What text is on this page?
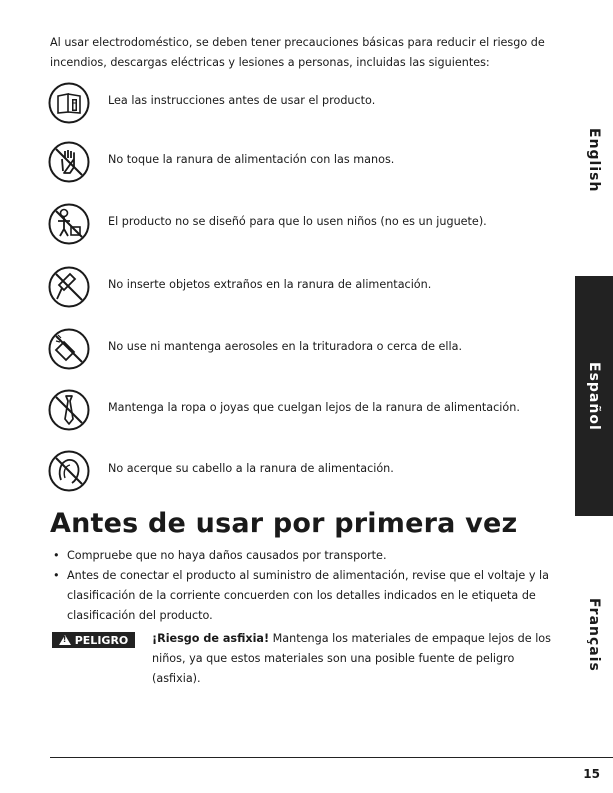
Al usar electrodoméstico, se deben tener precauciones básicas para reducir el riesgo de incendios, descargas eléctricas y lesiones a personas, incluidas las siguientes:

Lea las instrucciones antes de usar el producto.
No toque la ranura de alimentación con las manos.
El producto no se diseñó para que lo usen niños (no es un juguete).
No inserte objetos extraños en la ranura de alimentación.
No use ni mantenga aerosoles en la trituradora o cerca de ella.
Mantenga la ropa o joyas que cuelgan lejos de la ranura de alimentación.
No acerque su cabello a la ranura de alimentación.
Antes de usar por primera vez
• Compruebe que no haya daños causados por transporte.
• Antes de conectar el producto al suministro de alimentación, revise que el voltaje y la clasificación de la corriente concuerden con los detalles indicados en le etiqueta de clasificación del producto.
!
PELIGRO ¡Riesgo de asfixia! Mantenga los materiales de empaque lejos de los niños, ya que estos materiales son una posible fuente de peligro (asfixia).

English
Español
Français
15
